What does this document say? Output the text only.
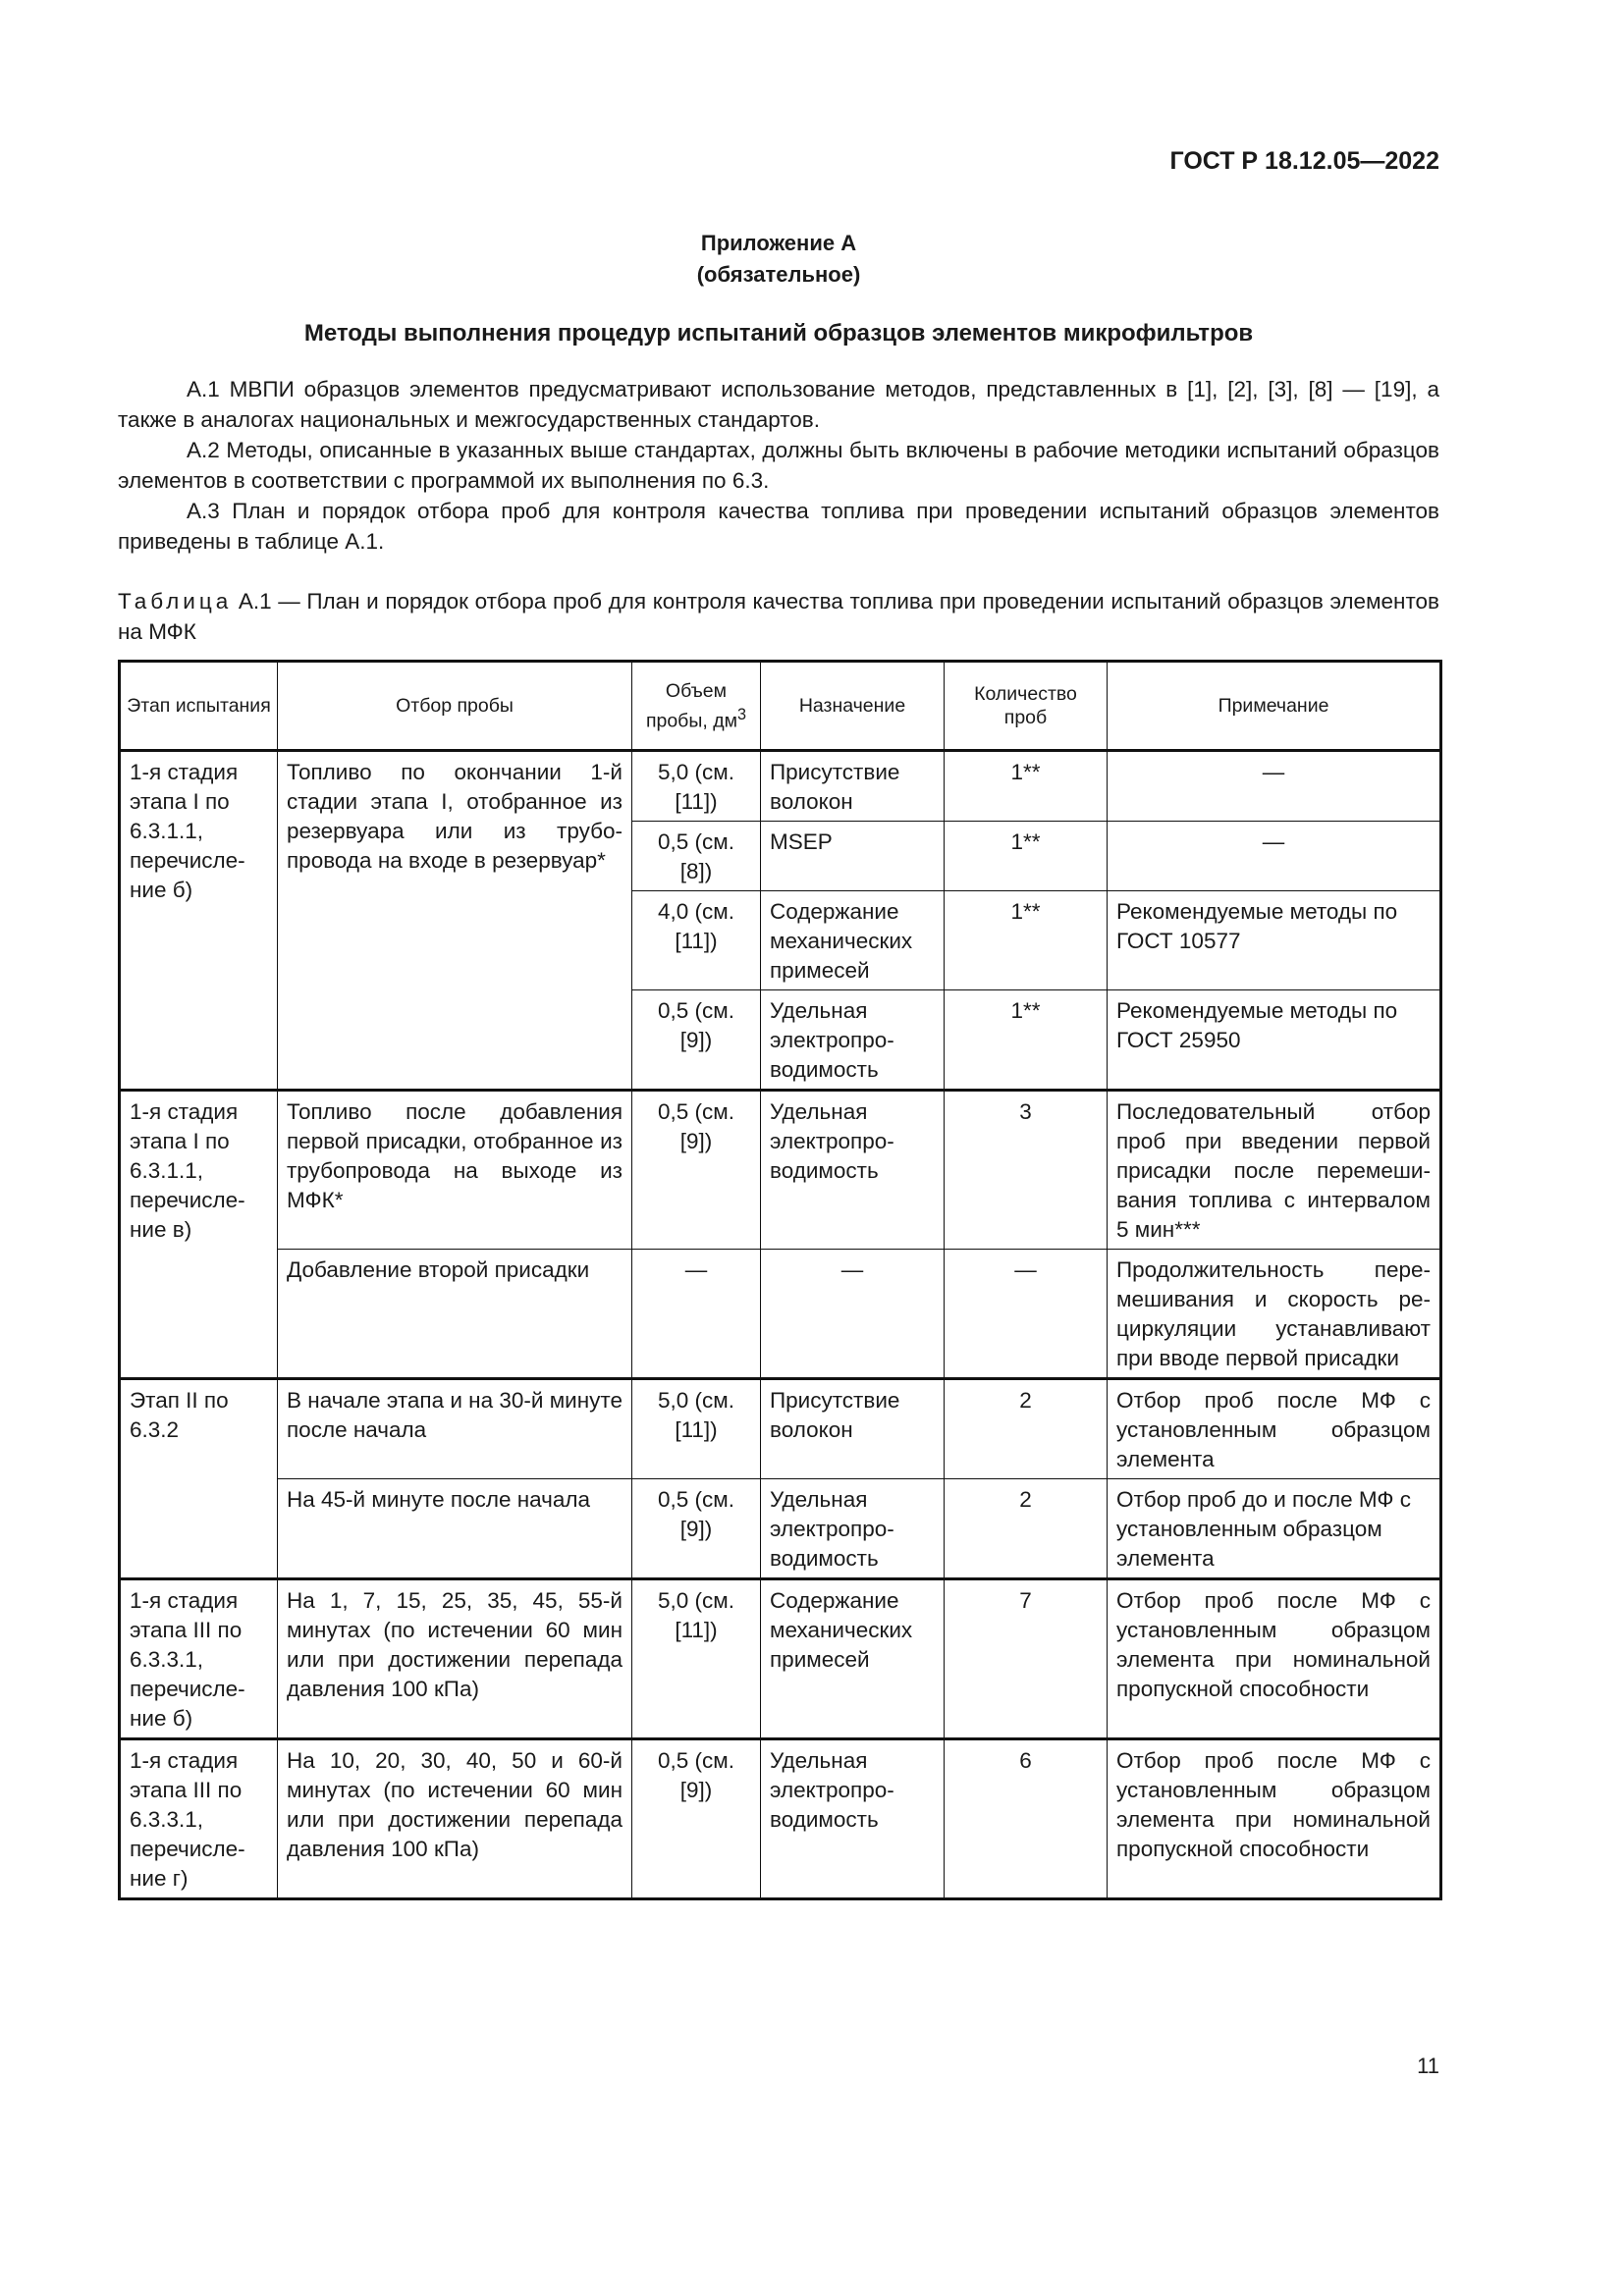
ГОСТ Р 18.12.05—2022
Приложение А
(обязательное)
Методы выполнения процедур испытаний образцов элементов микрофильтров
А.1 МВПИ образцов элементов предусматривают использование методов, представленных в [1], [2], [3], [8] — [19], а также в аналогах национальных и межгосударственных стандартов.
А.2 Методы, описанные в указанных выше стандартах, должны быть включены в рабочие методики испытаний образцов элементов в соответствии с программой их выполнения по 6.3.
А.3 План и порядок отбора проб для контроля качества топлива при проведении испытаний образцов элементов приведены в таблице А.1.
Таблица А.1 — План и порядок отбора проб для контроля качества топлива при проведении испытаний образцов элементов на МФК
Этап испытания	Отбор пробы	Объем пробы, $дм^3$	Назначение	Количество проб	Примечание
1-я стадия этапа I по 6.3.1.1, перечисление б)	Топливо по окончании 1-й стадии этапа I, отобранное из резервуара или из трубопровода на входе в резервуар*	5,0 (см. [11])	Присутствие волокон	1**	—
		0,5 (см. [8])	MSEP	1**	—
		4,0 (см. [11])	Содержание механических примесей	1**	Рекомендуемые методы по ГОСТ 10577
		0,5 (см. [9])	Удельная электропроводимость	1**	Рекомендуемые методы по ГОСТ 25950
1-я стадия этапа I по 6.3.1.1, перечисление в)	Топливо после добавления первой присадки, отобранное из трубопровода на выходе из МФК*	0,5 (см. [9])	Удельная электропроводимость	3	Последовательный отбор проб при введении первой присадки после перемешивания топлива с интервалом 5 мин***
	Добавление второй присадки	—	—	—	Продолжительность перемешивания и скорость рециркуляции устанавливают при вводе первой присадки
Этап II по 6.3.2	В начале этапа и на 30-й минуте после начала	5,0 (см. [11])	Присутствие волокон	2	Отбор проб после МФ с установленным образцом элемента
	На 45-й минуте после начала	0,5 (см. [9])	Удельная электропроводимость	2	Отбор проб до и после МФ с установленным образцом элемента
1-я стадия этапа III по 6.3.3.1, перечисление б)	На 1, 7, 15, 25, 35, 45, 55-й минутах (по истечении 60 мин или при достижении перепада давления 100 кПа)	5,0 (см. [11])	Содержание механических примесей	7	Отбор проб после МФ с установленным образцом элемента при номинальной пропускной способности
1-я стадия этапа III по 6.3.3.1, перечисление г)	На 10, 20, 30, 40, 50 и 60-й минутах (по истечении 60 мин или при достижении перепада давления 100 кПа)	0,5 (см. [9])	Удельная электропроводимость	6	Отбор проб после МФ с установленным образцом элемента при номинальной пропускной способности
11
